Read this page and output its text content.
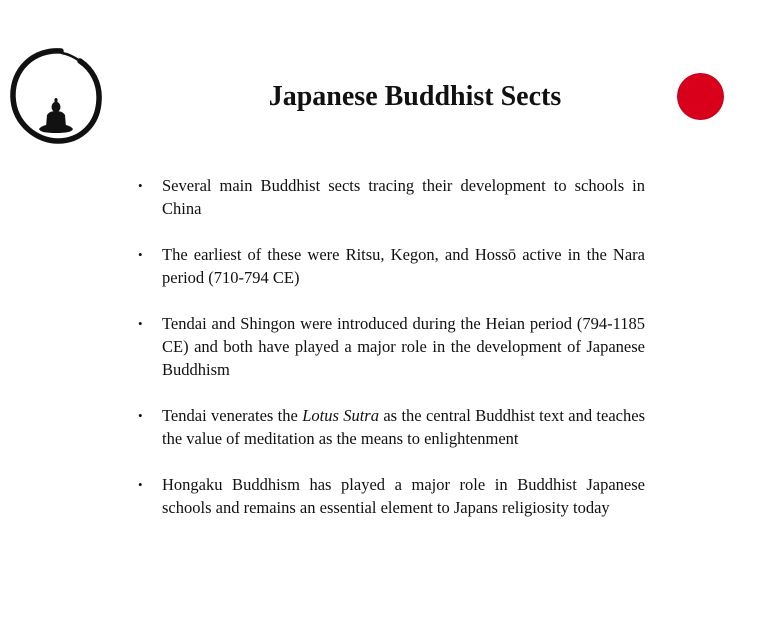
Japanese Buddhist Sects
• Several main Buddhist sects tracing their development to schools in China
• The earliest of these were Ritsu, Kegon, and Hossō active in the Nara period (710-794 CE)
• Tendai and Shingon were introduced during the Heian period (794-1185 CE) and both have played a major role in the development of Japanese Buddhism
• Tendai venerates the Lotus Sutra as the central Buddhist text and teaches the value of meditation as the means to enlightenment
• Hongaku Buddhism has played a major role in Buddhist Japanese schools and remains an essential element to Japans religiosity today
